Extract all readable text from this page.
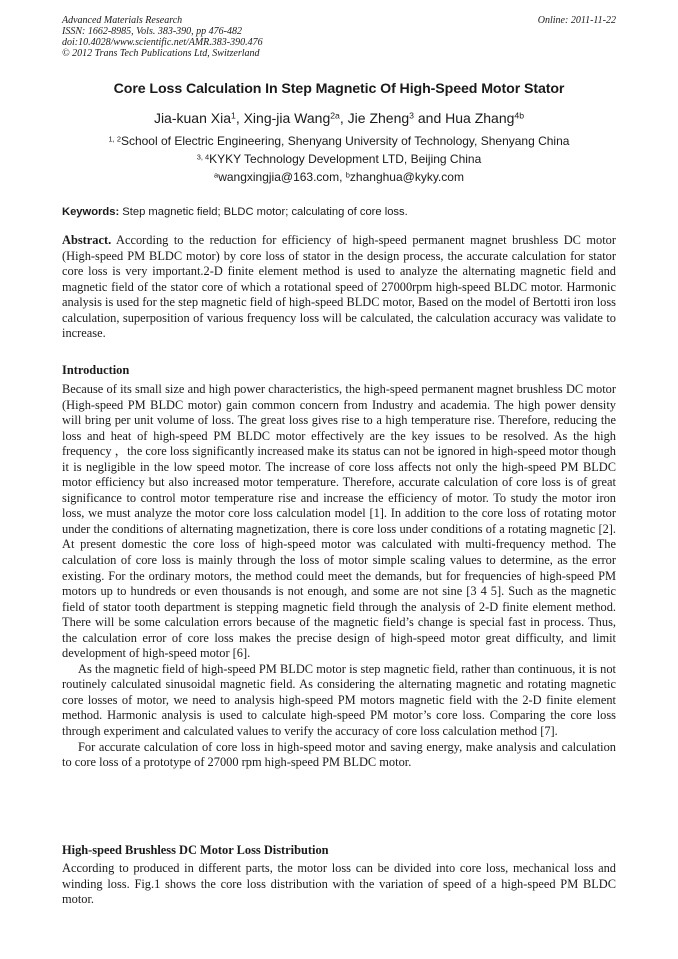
Advanced Materials Research
ISSN: 1662-8985, Vols. 383-390, pp 476-482
doi:10.4028/www.scientific.net/AMR.383-390.476
© 2012 Trans Tech Publications Ltd, Switzerland
Online: 2011-11-22
Core Loss Calculation In Step Magnetic Of High-Speed Motor Stator
Jia-kuan Xia$^1$, Xing-jia Wang$^{2a}$, Jie Zheng$^3$ and Hua Zhang$^{4b}$
$^{1, 2}$School of Electric Engineering, Shenyang University of Technology, Shenyang China
$^{3, 4}$KYKY Technology Development LTD, Beijing China
$^a$wangxingjia@163.com, $^b$zhanghua@kyky.com
Keywords: Step magnetic field; BLDC motor; calculating of core loss.

Abstract. According to the reduction for efficiency of high-speed permanent magnet brushless DC motor (High-speed PM BLDC motor) by core loss of stator in the design process, the accurate calculation for stator core loss is very important.2-D finite element method is used to analyze the alternating magnetic field and magnetic field of the stator core of which a rotational speed of 27000rpm high-speed BLDC motor. Harmonic analysis is used for the step magnetic field of high-speed BLDC motor, Based on the model of Bertotti iron loss calculation, superposition of various frequency loss will be calculated, the calculation accuracy was validate to increase.

Introduction

Because of its small size and high power characteristics, the high-speed permanent magnet brushless DC motor (High-speed PM BLDC motor) gain common concern from Industry and academia. The high power density will bring per unit volume of loss. The great loss gives rise to a high temperature rise. Therefore, reducing the loss and heat of high-speed PM BLDC motor effectively are the key issues to be resolved. As the high frequency ，the core loss significantly increased make its status can not be ignored in high-speed motor though it is negligible in the low speed motor. The increase of core loss affects not only the high-speed PM BLDC motor efficiency but also increased motor temperature. Therefore, accurate calculation of core loss is of great significance to control motor temperature rise and increase the efficiency of motor. To study the motor iron loss, we must analyze the motor core loss calculation model [1]. In addition to the core loss of rotating motor under the conditions of alternating magnetization, there is core loss under conditions of a rotating magnetic [2]. At present domestic the core loss of high-speed motor was calculated with multi-frequency method. The calculation of core loss is mainly through the loss of motor simple scaling values to determine, as the error existing. For the ordinary motors, the method could meet the demands, but for frequencies of high-speed PM motors up to hundreds or even thousands is not enough, and some are not sine [3 4 5]. Such as the magnetic field of stator tooth department is stepping magnetic field through the analysis of 2-D finite element method. There will be some calculation errors because of the magnetic field’s change is special fast in process. Thus, the calculation error of core loss makes the precise design of high-speed motor great difficulty, and limit development of high-speed motor [6].

As the magnetic field of high-speed PM BLDC motor is step magnetic field, rather than continuous, it is not routinely calculated sinusoidal magnetic field. As considering the alternating magnetic and rotating magnetic core losses of motor, we need to analysis high-speed PM motors magnetic field with the 2-D finite element method. Harmonic analysis is used to calculate high-speed PM motor’s core loss. Comparing the core loss through experiment and calculated values to verify the accuracy of core loss calculation method [7].

For accurate calculation of core loss in high-speed motor and saving energy, make analysis and calculation to core loss of a prototype of 27000 rpm high-speed PM BLDC motor.

High-speed Brushless DC Motor Loss Distribution

According to produced in different parts, the motor loss can be divided into core loss, mechanical loss and winding loss. Fig.1 shows the core loss distribution with the variation of speed of a high-speed PM BLDC motor.
